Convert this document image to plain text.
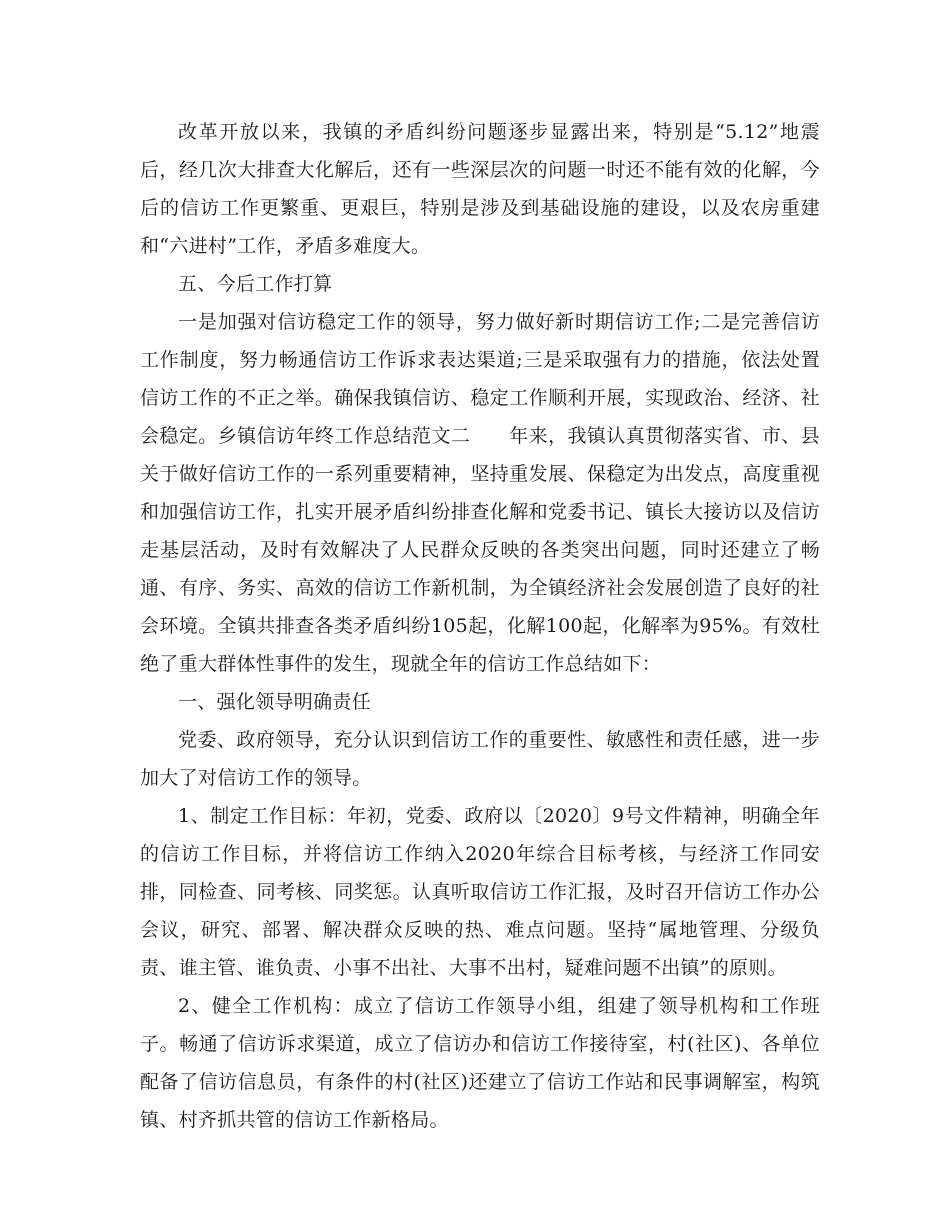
改革开放以来，我镇的矛盾纠纷问题逐步显露出来，特别是“5.12”地震后，经几次大排查大化解后，还有一些深层次的问题一时还不能有效的化解，今后的信访工作更繁重、更艰巨，特别是涉及到基础设施的建设，以及农房重建和“六进村”工作，矛盾多难度大。

五、今后工作打算

一是加强对信访稳定工作的领导，努力做好新时期信访工作;二是完善信访工作制度，努力畅通信访工作诉求表达渠道;三是采取强有力的措施，依法处置信访工作的不正之举。确保我镇信访、稳定工作顺利开展，实现政治、经济、社会稳定。乡镇信访年终工作总结范文二　　年来，我镇认真贯彻落实省、市、县关于做好信访工作的一系列重要精神，坚持重发展、保稳定为出发点，高度重视和加强信访工作，扎实开展矛盾纠纷排查化解和党委书记、镇长大接访以及信访走基层活动，及时有效解决了人民群众反映的各类突出问题，同时还建立了畅通、有序、务实、高效的信访工作新机制，为全镇经济社会发展创造了良好的社会环境。全镇共排查各类矛盾纠纷105起，化解100起，化解率为95%。有效杜绝了重大群体性事件的发生，现就全年的信访工作总结如下：

一、强化领导明确责任

党委、政府领导，充分认识到信访工作的重要性、敏感性和责任感，进一步加大了对信访工作的领导。

1、制定工作目标：年初，党委、政府以〔2020〕9号文件精神，明确全年的信访工作目标，并将信访工作纳入2020年综合目标考核，与经济工作同安排，同检查、同考核、同奖惩。认真听取信访工作汇报，及时召开信访工作办公会议，研究、部署、解决群众反映的热、难点问题。坚持“属地管理、分级负责、谁主管、谁负责、小事不出社、大事不出村，疑难问题不出镇”的原则。

2、健全工作机构：成立了信访工作领导小组，组建了领导机构和工作班子。畅通了信访诉求渠道，成立了信访办和信访工作接待室，村(社区)、各单位配备了信访信息员，有条件的村(社区)还建立了信访工作站和民事调解室，构筑镇、村齐抓共管的信访工作新格局。
